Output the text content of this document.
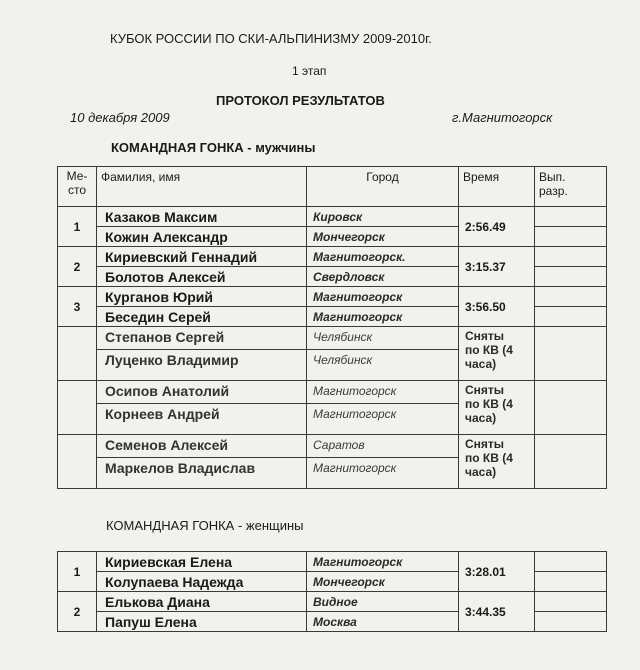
КУБОК РОССИИ ПО СКИ-АЛЬПИНИЗМУ 2009-2010г.
1 этап
ПРОТОКОЛ РЕЗУЛЬТАТОВ
10 декабря 2009	г.Магнитогорск
КОМАНДНАЯ ГОНКА - мужчины
Ме-
сто	Фамилия, имя	Город	Время	Вып.
разр.
1	Казаков Максим	Кировск	2:56.49	
	Кожин Александр	Мончегорск		
2	Кириевский Геннадий	Магнитогорск.	3:15.37	
	Болотов Алексей	Свердловск		
3	Курганов Юрий	Магнитогорск	3:56.50	
	Беседин Серей	Магнитогорск		
	Степанов Сергей	Челябинск	Сняты
по КВ (4
часа)	
	Луценко Владимир	Челябинск		
	Осипов Анатолий	Магнитогорск	Сняты
по КВ (4
часа)	
	Корнеев Андрей	Магнитогорск		
	Семенов Алексей	Саратов	Сняты
по КВ (4
часа)	
	Маркелов Владислав	Магнитогорск		
КОМАНДНАЯ ГОНКА - женщины
1	Кириевская Елена	Магнитогорск	3:28.01	
	Колупаева Надежда	Мончегорск		
2	Елькова Диана	Видное	3:44.35	
	Папуш Елена	Москва		
